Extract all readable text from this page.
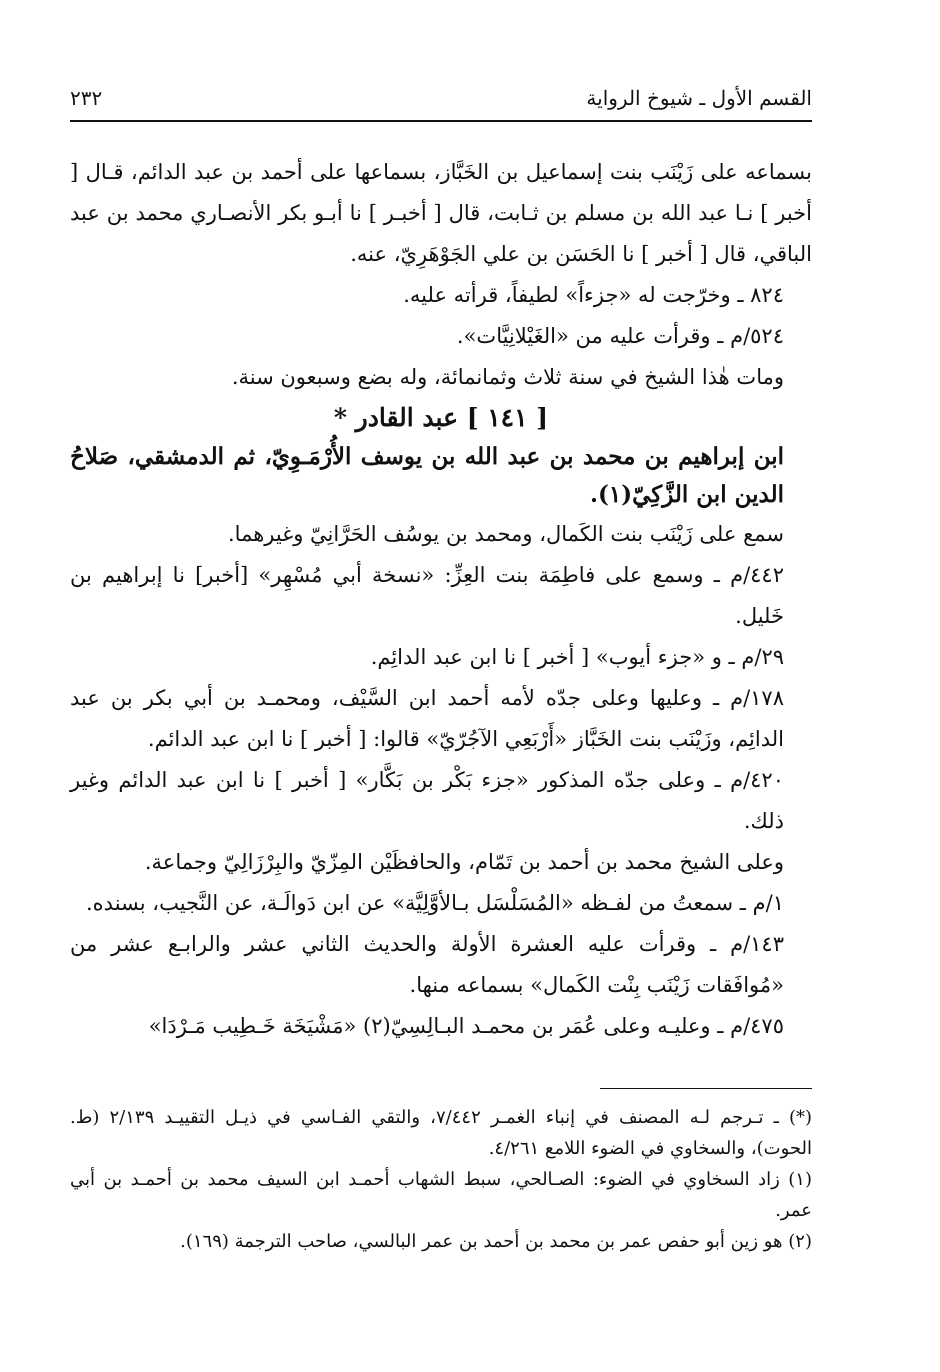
القسم الأول ـ شيوخ الرواية
٢٣٢

بسماعه على زَيْنَب بنت إسماعيل بن الخَبَّاز، بسماعها على أحمد بن عبد الدائم، قـال [ أخبر ] نـا عبد الله بن مسلم بن ثـابت، قال [ أخبـر ] نا أبـو بكر الأنصـاري محمد بن عبد الباقي، قال [ أخبر ] نا الحَسَن بن علي الجَوْهَرِيّ، عنه.

٨٢٤ ـ وخرّجت له «جزءاً» لطيفاً، قرأته عليه.

٥٢٤/م ـ وقرأت عليه من «الغَيْلانِيَّات».

ومات هٰذا الشيخ في سنة ثلاث وثمانمائة، وله بضع وسبعون سنة.

[ ١٤١ ] عبد القادر *

ابن إبراهيم بن محمد بن عبد الله بن يوسف الأُرْمَـوِيّ، ثم الدمشقي، صَلاحُ الدين ابن الزَّكِيّ(١).

سمع على زَيْنَب بنت الكَمال، ومحمد بن يوسُف الحَرَّانِيّ وغيرهما.

٤٤٢/م ـ وسمع على فاطِمَة بنت العِزِّ: «نسخة أبي مُسْهِر» [أخبر] نا إبراهيم بن خَليل.

٢٩/م ـ و «جزء أيوب» [ أخبر ] نا ابن عبد الدائِم.

١٧٨/م ـ وعليها وعلى جدّه لأمه أحمد ابن السَّيْف، ومحمـد بن أبي بكر بن عبد الدائِم، وزَيْنَب بنت الخَبَّاز «أَرْبَعِي الآجُرّيّ» قالوا: [ أخبر ] نا ابن عبد الدائم.

٤٢٠/م ـ وعلى جدّه المذكور «جزء بَكْر بن بَكَّار» [ أخبر ] نا ابن عبد الدائم وغير ذلك.

وعلى الشيخ محمد بن أحمد بن تَمّام، والحافظَيْن المِزّيّ والبِرْزَالِيّ وجماعة.

١/م ـ سمعتُ من لفـظه «المُسَلْسَل بـالأوَّلِيَّة» عن ابن دَوالَـة، عن النَّجيب، بسنده.

١٤٣/م ـ وقرأت عليه العشرة الأولة والحديث الثاني عشر والرابـع عشر من «مُوافَقات زَيْنَب بِنْت الكَمال» بسماعه منها.

٤٧٥/م ـ وعليـه وعلى عُمَر بن محمـد البـالِسِيّ(٢) «مَشْيَخَة خَـطِيب مَـرْدَا»

(*) ـ تـرجم لـه المصنف في إنباء الغمـر ٧/٤٤٢، والتقي الفـاسي في ذيـل التقييـد ٢/١٣٩ (ط. الحوت)، والسخاوي في الضوء اللامع ٤/٢٦١.

(١) زاد السخاوي في الضوء: الصـالحي، سبط الشهاب أحمـد ابن السيف محمد بن أحمـد بن أبي عمر.

(٢) هو زين أبو حفص عمر بن محمد بن أحمد بن عمر البالسي، صاحب الترجمة (١٦٩).
